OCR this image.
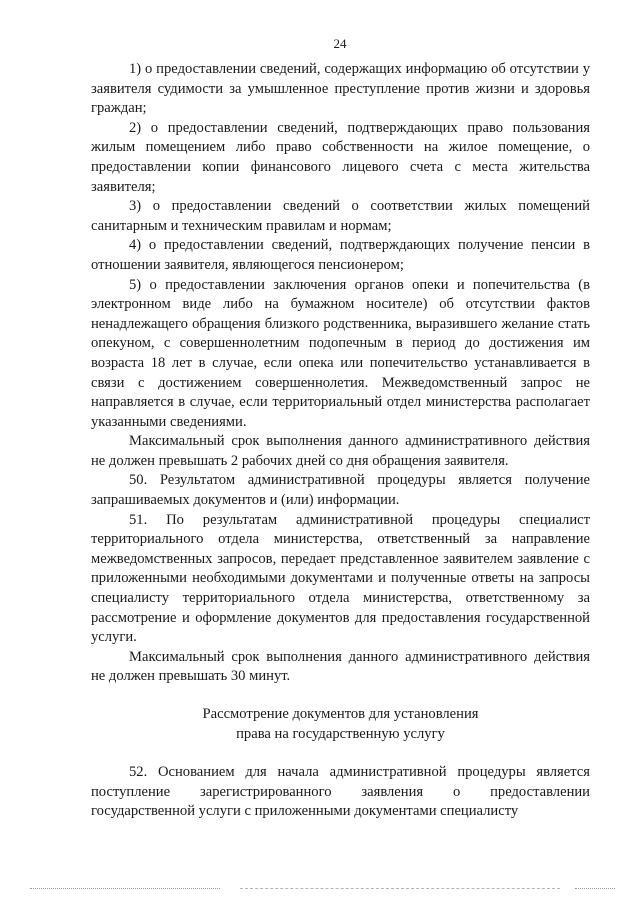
24

1) о предоставлении сведений, содержащих информацию об отсутствии у заявителя судимости за умышленное преступление против жизни и здоровья граждан;

2) о предоставлении сведений, подтверждающих право пользования жилым помещением либо право собственности на жилое помещение, о предоставлении копии финансового лицевого счета с места жительства заявителя;

3) о предоставлении сведений о соответствии жилых помещений санитарным и техническим правилам и нормам;

4) о предоставлении сведений, подтверждающих получение пенсии в отношении заявителя, являющегося пенсионером;

5) о предоставлении заключения органов опеки и попечительства (в электронном виде либо на бумажном носителе) об отсутствии фактов ненадлежащего обращения близкого родственника, выразившего желание стать опекуном, с совершеннолетним подопечным в период до достижения им возраста 18 лет в случае, если опека или попечительство устанавливается в связи с достижением совершеннолетия. Межведомственный запрос не направляется в случае, если территориальный отдел министерства располагает указанными сведениями.

Максимальный срок выполнения данного административного действия не должен превышать 2 рабочих дней со дня обращения заявителя.

50. Результатом административной процедуры является получение запрашиваемых документов и (или) информации.

51. По результатам административной процедуры специалист территориального отдела министерства, ответственный за направление межведомственных запросов, передает представленное заявителем заявление с приложенными необходимыми документами и полученные ответы на запросы специалисту территориального отдела министерства, ответственному за рассмотрение и оформление документов для предоставления государственной услуги.

Максимальный срок выполнения данного административного действия не должен превышать 30 минут.

Рассмотрение документов для установления
права на государственную услугу

52. Основанием для начала административной процедуры является поступление зарегистрированного заявления о предоставлении государственной услуги с приложенными документами специалисту
